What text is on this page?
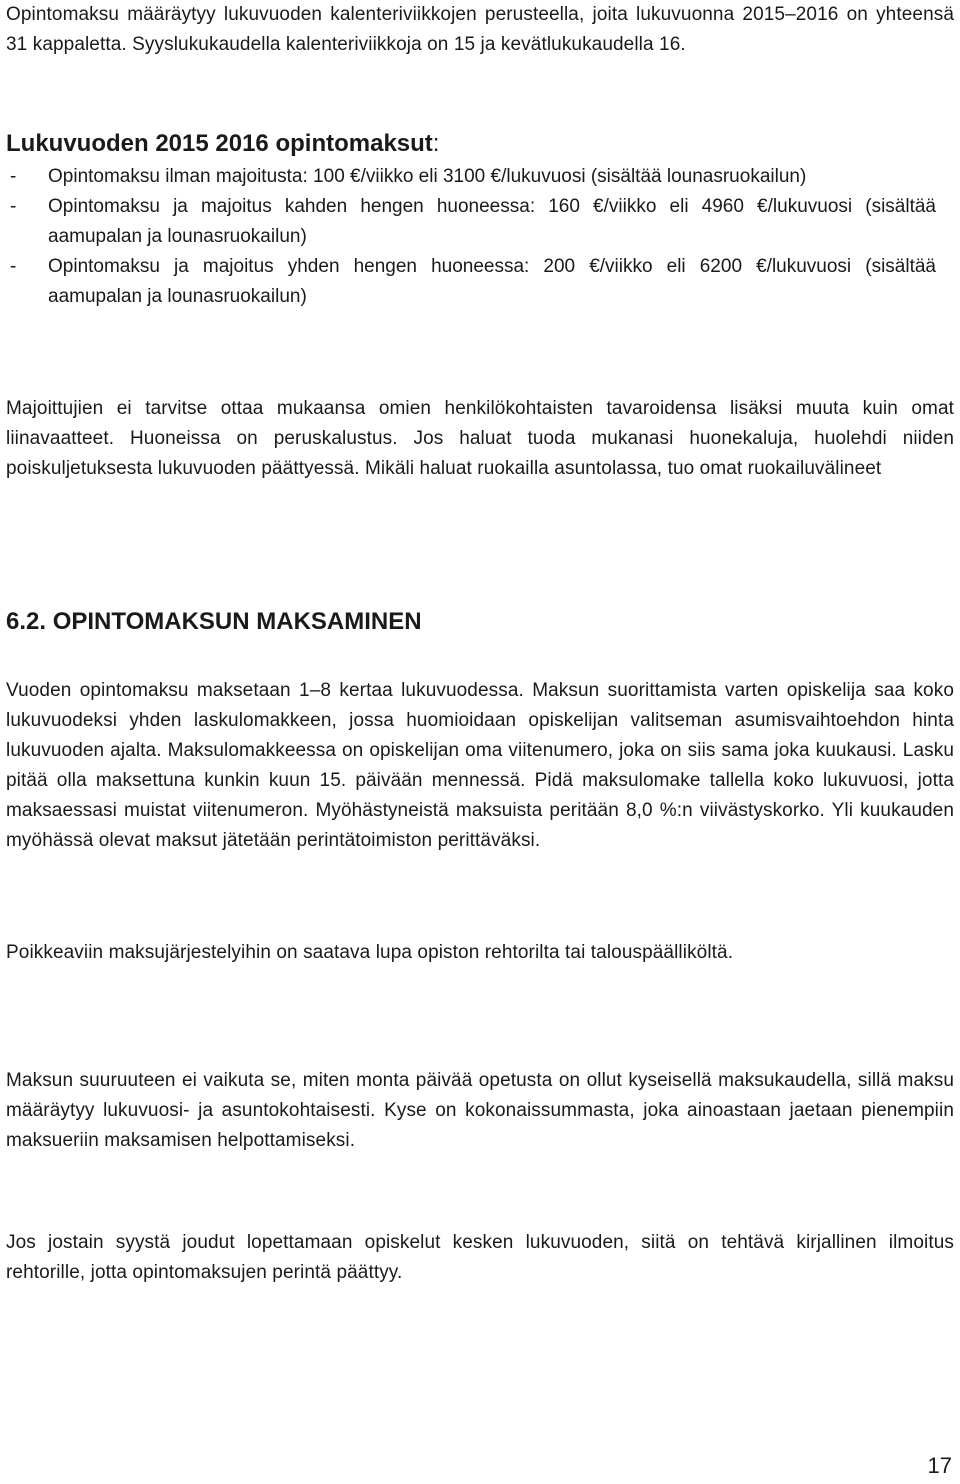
Opintomaksu määräytyy lukuvuoden kalenteriviikkojen perusteella, joita lukuvuonna 2015–2016 on yhteensä 31 kappaletta. Syyslukukaudella kalenteriviikkoja on 15 ja kevätlukukaudella 16.

Lukuvuoden 2015 2016 opintomaksut:
- Opintomaksu ilman majoitusta: 100 €/viikko eli 3100 €/lukuvuosi (sisältää lounasruokailun)
- Opintomaksu ja majoitus kahden hengen huoneessa: 160 €/viikko eli 4960 €/lukuvuosi (sisältää aamupalan ja lounasruokailun)
- Opintomaksu ja majoitus yhden hengen huoneessa: 200 €/viikko eli 6200 €/lukuvuosi (sisältää aamupalan ja lounasruokailun)

Majoittujien ei tarvitse ottaa mukaansa omien henkilökohtaisten tavaroidensa lisäksi muuta kuin omat liinavaatteet. Huoneissa on peruskalustus. Jos haluat tuoda mukanasi huonekaluja, huolehdi niiden poiskuljetuksesta lukuvuoden päättyessä. Mikäli haluat ruokailla asuntolassa, tuo omat ruokailuvälineet

6.2. OPINTOMAKSUN MAKSAMINEN

Vuoden opintomaksu maksetaan 1–8 kertaa lukuvuodessa. Maksun suorittamista varten opiskelija saa koko lukuvuodeksi yhden laskulomakkeen, jossa huomioidaan opiskelijan valitseman asumisvaihtoehdon hinta lukuvuoden ajalta. Maksulomakkeessa on opiskelijan oma viitenumero, joka on siis sama joka kuukausi. Lasku pitää olla maksettuna kunkin kuun 15. päivään mennessä. Pidä maksulomake tallella koko lukuvuosi, jotta maksaessasi muistat viitenumeron. Myöhästyneistä maksuista peritään 8,0 %:n viivästyskorko. Yli kuukauden myöhässä olevat maksut jätetään perintätoimiston perittäväksi.

Poikkeaviin maksujärjestelyihin on saatava lupa opiston rehtorilta tai talouspäälliköltä.

Maksun suuruuteen ei vaikuta se, miten monta päivää opetusta on ollut kyseisellä maksukaudella, sillä maksu määräytyy lukuvuosi- ja asuntokohtaisesti. Kyse on kokonaissummasta, joka ainoastaan jaetaan pienempiin maksueriin maksamisen helpottamiseksi.

Jos jostain syystä joudut lopettamaan opiskelut kesken lukuvuoden, siitä on tehtävä kirjallinen ilmoitus rehtorille, jotta opintomaksujen perintä päättyy.

17
